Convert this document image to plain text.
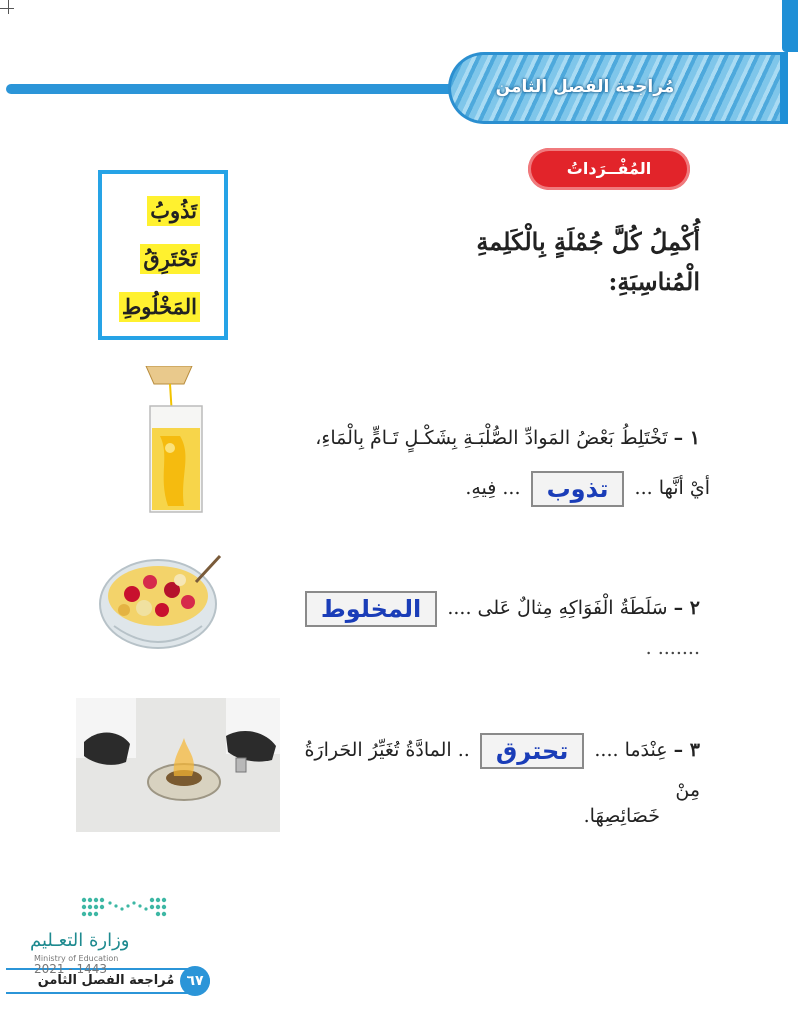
مُراجعة الفصل الثامن
المُفْــرَداتُ
تَذُوبُ
تَحْتَرِقُ
المَخْلُوطِ
أُكْمِلُ كُلَّ جُمْلَةٍ بِالْكَلِمةِ الْمُناسِبَةِ:
١ – تَخْتَلِطُ بَعْضُ المَوادِّ الصُّلْبَـةِ بِشَكْـلٍ تَـامٍّ بِالْمَاءِ،
أيْ أنَّها ... تذوب ... فِيهِ.
٢ – سَلَطَةُ الْفَوَاكِهِ مِثالٌ عَلى .... المخلوط ....... .
٣ – عِنْدَما .... تحترق .. المادَّةُ تُغَيِّرُ الحَرارَةُ مِنْ
خَصَائِصِهَا.
وزارة التعـليم
Ministry of Education
2021 - 1443
مُراجعة الفصل الثامن ٦٧
